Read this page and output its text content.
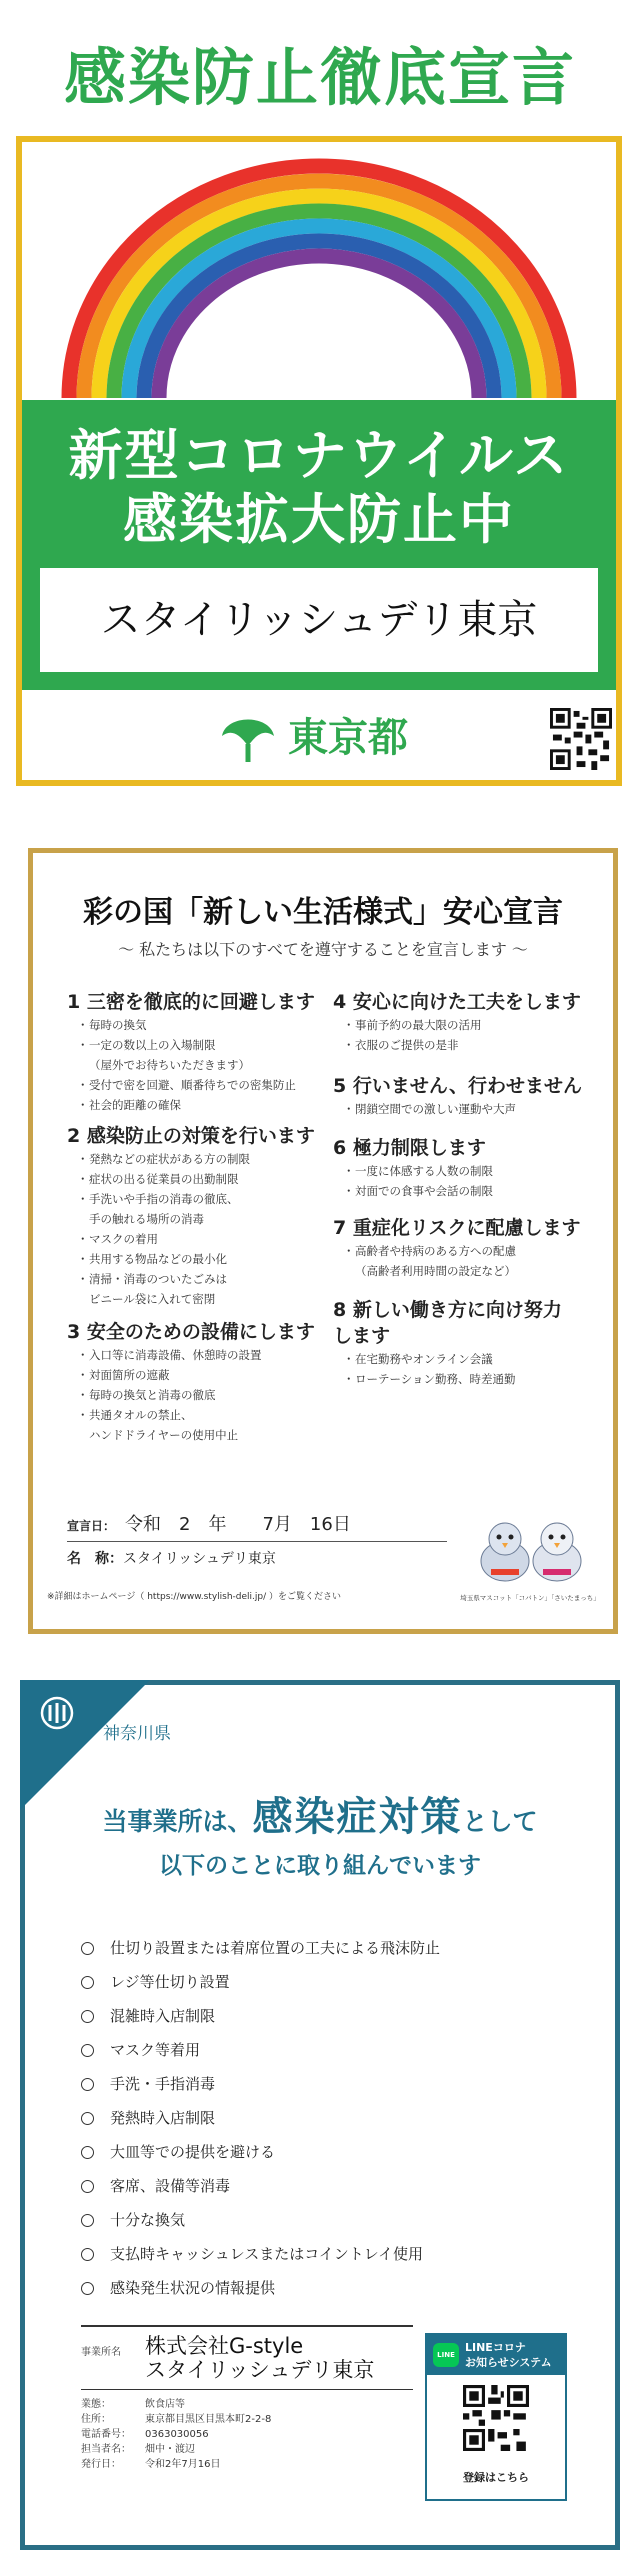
感染防止徹底宣言
新型コロナウイルス
感染拡大防止中
スタイリッシュデリ東京
東京都
彩の国「新しい生活様式」安心宣言
～ 私たちは以下のすべてを遵守することを宣言します ～
1 三密を徹底的に回避します
・ 毎時の換気
・ 一定の数以上の入場制限
（屋外でお待ちいただきます）
・ 受付で密を回避、順番待ちでの密集防止
・ 社会的距離の確保
2 感染防止の対策を行います
・ 発熱などの症状がある方の制限
・ 症状の出る従業員の出勤制限
・ 手洗いや手指の消毒の徹底、
手の触れる場所の消毒
・ マスクの着用
・ 共用する物品などの最小化
・ 清掃・消毒のついたごみは
ビニール袋に入れて密閉
3 安全のための設備にします
・ 入口等に消毒設備、休憩時の設置
・ 対面箇所の遮蔽
・ 毎時の換気と消毒の徹底
・ 共通タオルの禁止、
ハンドドライヤーの使用中止
4 安心に向けた工夫をします
・ 事前予約の最大限の活用
・ 衣服のご提供の是非
5 行いません、行わせません
・ 閉鎖空間での激しい運動や大声
6 極力制限します
・ 一度に体感する人数の制限
・ 対面での食事や会話の制限
7 重症化リスクに配慮します
・ 高齢者や持病のある方への配慮
（高齢者利用時間の設定など）
8 新しい働き方に向け努力します
・ 在宅勤務やオンライン会議
・ ローテーション勤務、時差通勤
宣言日： 令和　2　年　　7月　16日
名　称：スタイリッシュデリ東京
※詳細はホームページ（ https://www.stylish-deli.jp/ ）をご覧ください	埼玉県マスコット「コバトン」「さいたまっち」
神奈川県
当事業所は、感染症対策として
以下のことに取り組んでいます
仕切り設置または着席位置の工夫による飛沫防止
レジ等仕切り設置
混雑時入店制限
マスク等着用
手洗・手指消毒
発熱時入店制限
大皿等での提供を避ける
客席、設備等消毒
十分な換気
支払時キャッシュレスまたはコイントレイ使用
感染発生状況の情報提供
事業所名 株式会社G-style
スタイリッシュデリ東京
業態：	飲食店等
住所：	東京都目黒区目黒本町2-2-8
電話番号：	0363030056
担当者名：	畑中・渡辺
発行日：	令和2年7月16日
LINE
LINEコロナ
お知らせシステム
登録はこちら
